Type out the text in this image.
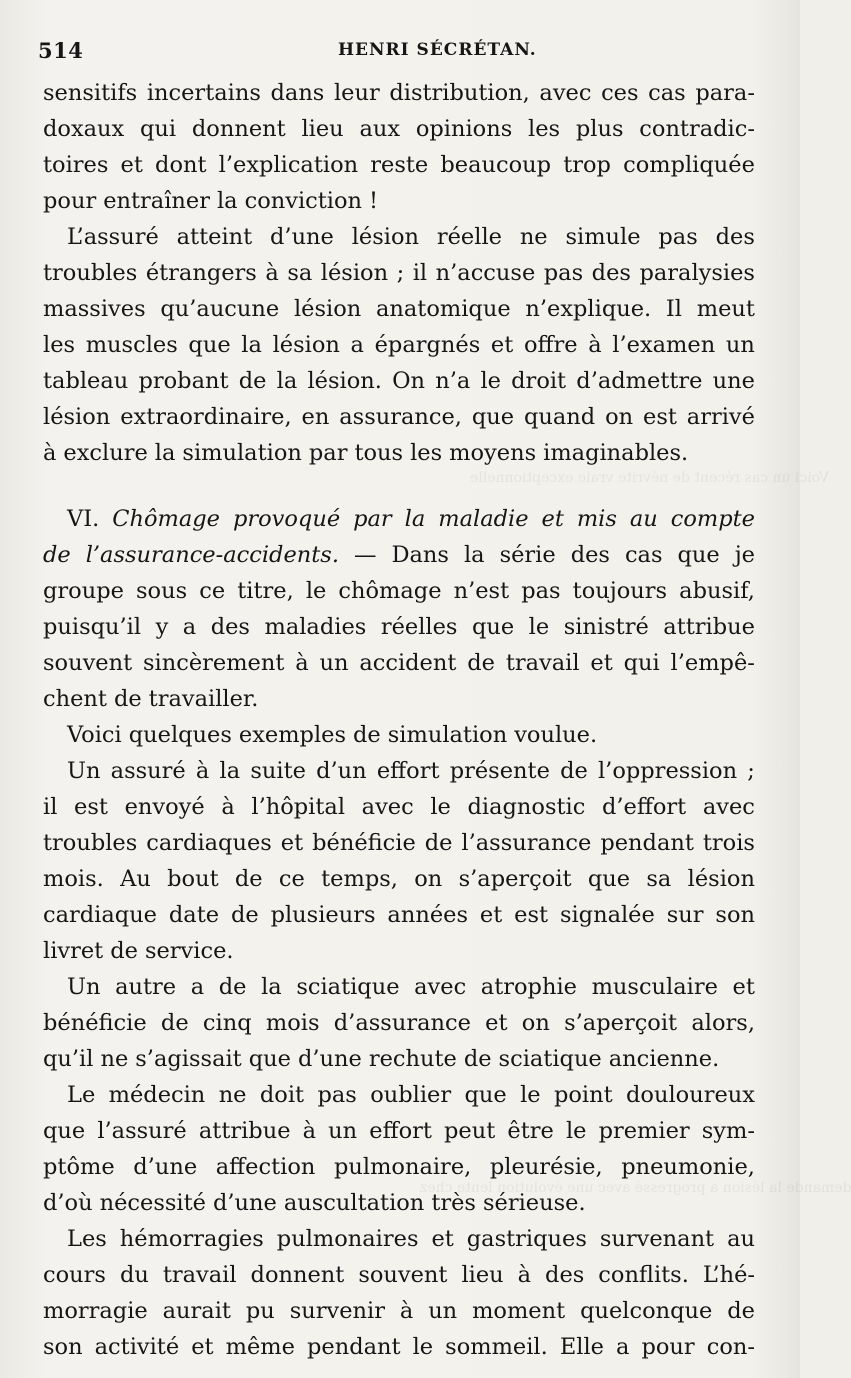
Voici un cas récent de névrite vraie exceptionnelle
demande la lésion a progressé avec une évolution lente chez
514	HENRI SÉCRÉTAN.
sensitifs incertains dans leur distribution, avec ces cas para-
doxaux qui donnent lieu aux opinions les plus contradic-
toires et dont l’explication reste beaucoup trop compliquée
pour entraîner la conviction !
L’assuré atteint d’une lésion réelle ne simule pas des
troubles étrangers à sa lésion ; il n’accuse pas des paralysies
massives qu’aucune lésion anatomique n’explique. Il meut
les muscles que la lésion a épargnés et offre à l’examen un
tableau probant de la lésion. On n’a le droit d’admettre une
lésion extraordinaire, en assurance, que quand on est arrivé
à exclure la simulation par tous les moyens imaginables.
VI. Chômage provoqué par la maladie et mis au compte
de l’assurance-accidents. — Dans la série des cas que je
groupe sous ce titre, le chômage n’est pas toujours abusif,
puisqu’il y a des maladies réelles que le sinistré attribue
souvent sincèrement à un accident de travail et qui l’empê-
chent de travailler.
Voici quelques exemples de simulation voulue.
Un assuré à la suite d’un effort présente de l’oppression ;
il est envoyé à l’hôpital avec le diagnostic d’effort avec
troubles cardiaques et bénéficie de l’assurance pendant trois
mois. Au bout de ce temps, on s’aperçoit que sa lésion
cardiaque date de plusieurs années et est signalée sur son
livret de service.
Un autre a de la sciatique avec atrophie musculaire et
bénéficie de cinq mois d’assurance et on s’aperçoit alors,
qu’il ne s’agissait que d’une rechute de sciatique ancienne.
Le médecin ne doit pas oublier que le point douloureux
que l’assuré attribue à un effort peut être le premier sym-
ptôme d’une affection pulmonaire, pleurésie, pneumonie,
d’où nécessité d’une auscultation très sérieuse.
Les hémorragies pulmonaires et gastriques survenant au
cours du travail donnent souvent lieu à des conflits. L’hé-
morragie aurait pu survenir à un moment quelconque de
son activité et même pendant le sommeil. Elle a pour con-
